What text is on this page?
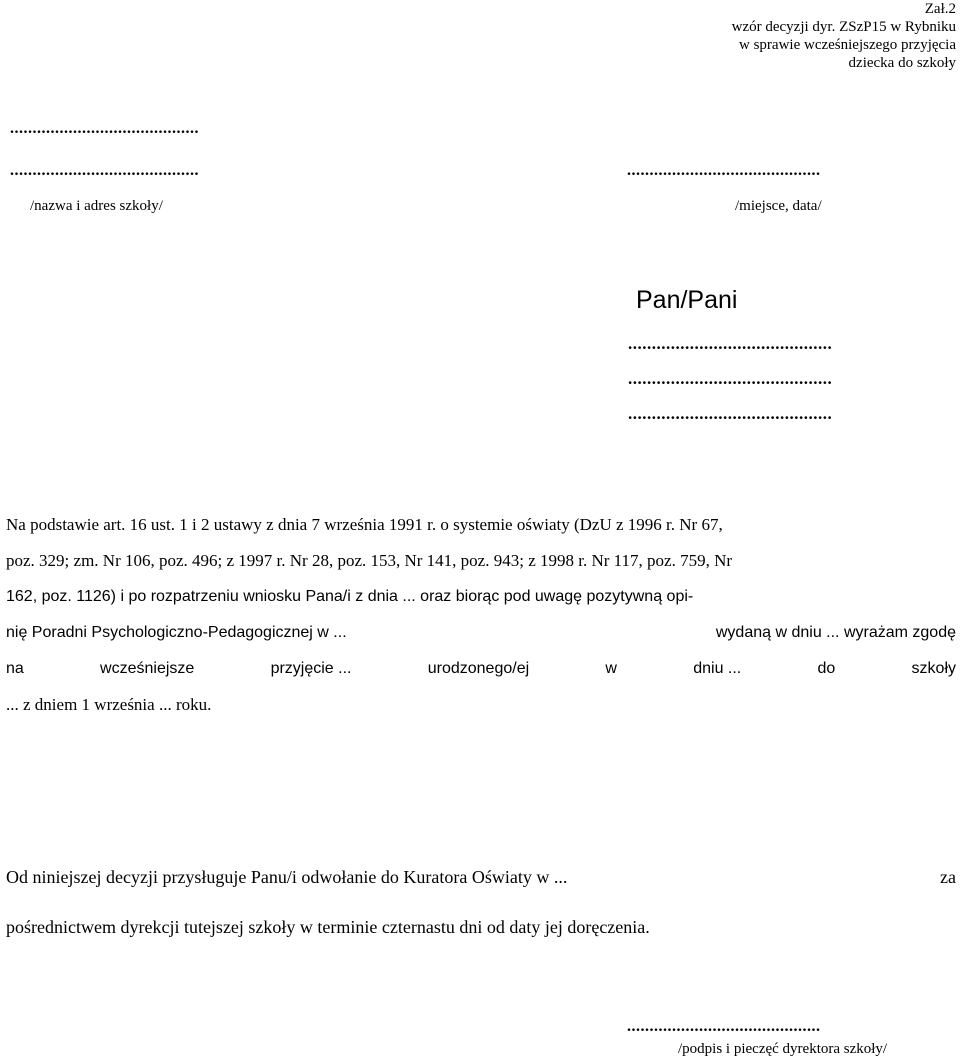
Zał.2
wzór decyzji dyr. ZSzP15 w Rybniku
w sprawie wcześniejszego przyjęcia
dziecka do szkoły
..........................................
..........................................
/nazwa i adres szkoły/
...........................................
/miejsce, data/
Pan/Pani
...........................................
...........................................
...........................................
Na podstawie art. 16 ust. 1 i 2 ustawy z dnia 7 września 1991 r. o systemie oświaty (DzU z 1996 r. Nr 67,
poz. 329; zm. Nr 106, poz. 496; z 1997 r. Nr 28, poz. 153, Nr 141, poz. 943; z 1998 r. Nr 117, poz. 759, Nr
162, poz. 1126) i po rozpatrzeniu wniosku Pana/i z dnia ... oraz biorąc pod uwagę pozytywną opi-
nię Poradni Psychologiczno-Pedagogicznej w ...	wydaną w dniu ... wyrażam zgodę
na	wcześniejsze	przyjęcie ...	urodzonego/ej	w	dniu ...	do	szkoły
... z dniem 1 września ... roku.
Od niniejszej decyzji przysługuje Panu/i odwołanie do Kuratora Oświaty w ...	za
pośrednictwem dyrekcji tutejszej szkoły w terminie czternastu dni od daty jej doręczenia.
...........................................
/podpis i pieczęć dyrektora szkoły/
